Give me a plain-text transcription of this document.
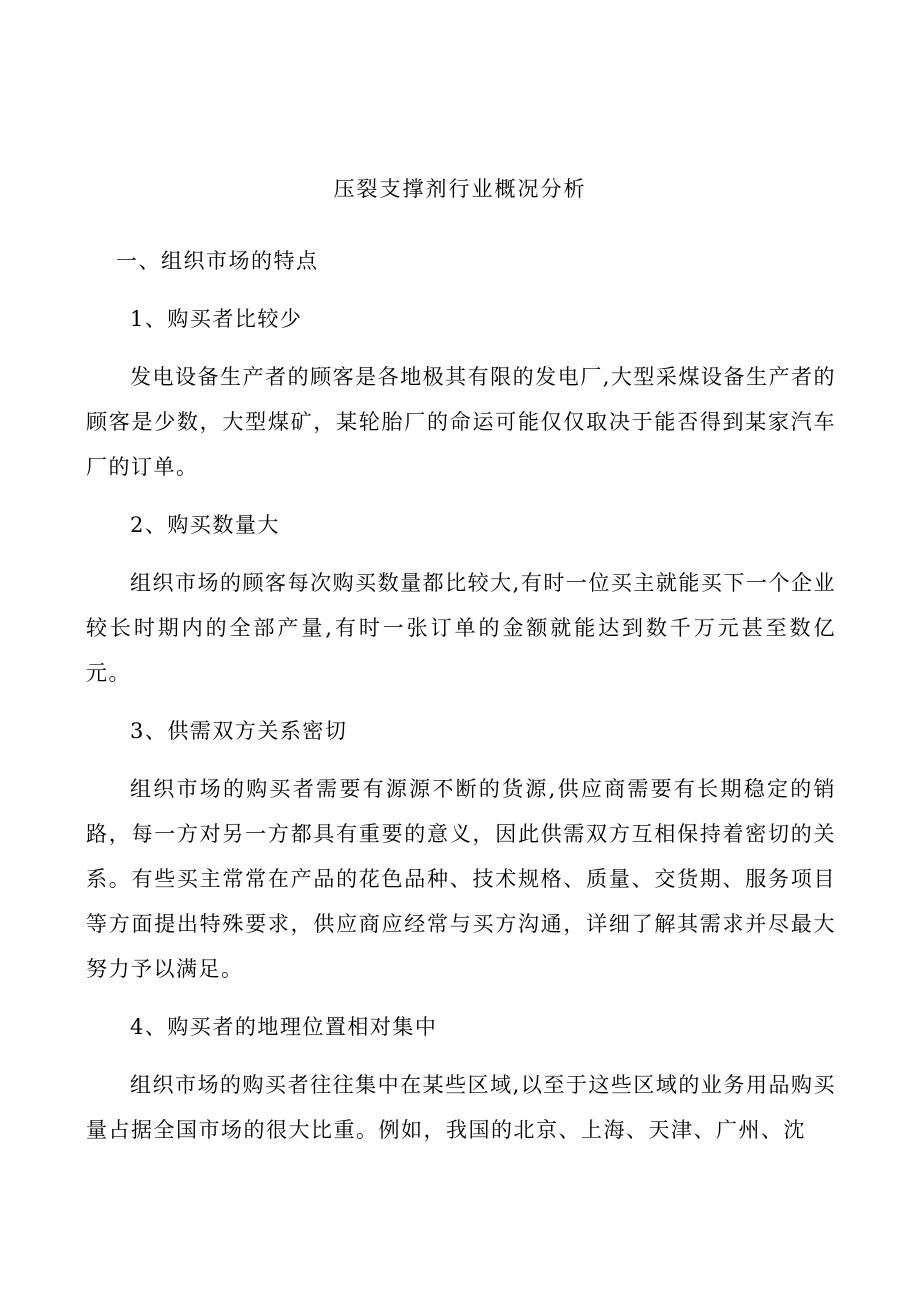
压裂支撑剂行业概况分析

一、组织市场的特点

1、购买者比较少

发电设备生产者的顾客是各地极其有限的发电厂,大型采煤设备生产者的顾客是少数，大型煤矿，某轮胎厂的命运可能仅仅取决于能否得到某家汽车厂的订单。

2、购买数量大

组织市场的顾客每次购买数量都比较大,有时一位买主就能买下一个企业较长时期内的全部产量,有时一张订单的金额就能达到数千万元甚至数亿元。

3、供需双方关系密切

组织市场的购买者需要有源源不断的货源,供应商需要有长期稳定的销路，每一方对另一方都具有重要的意义，因此供需双方互相保持着密切的关系。有些买主常常在产品的花色品种、技术规格、质量、交货期、服务项目等方面提出特殊要求，供应商应经常与买方沟通，详细了解其需求并尽最大努力予以满足。

4、购买者的地理位置相对集中

组织市场的购买者往往集中在某些区域,以至于这些区域的业务用品购买量占据全国市场的很大比重。例如，我国的北京、上海、天津、广州、沈
